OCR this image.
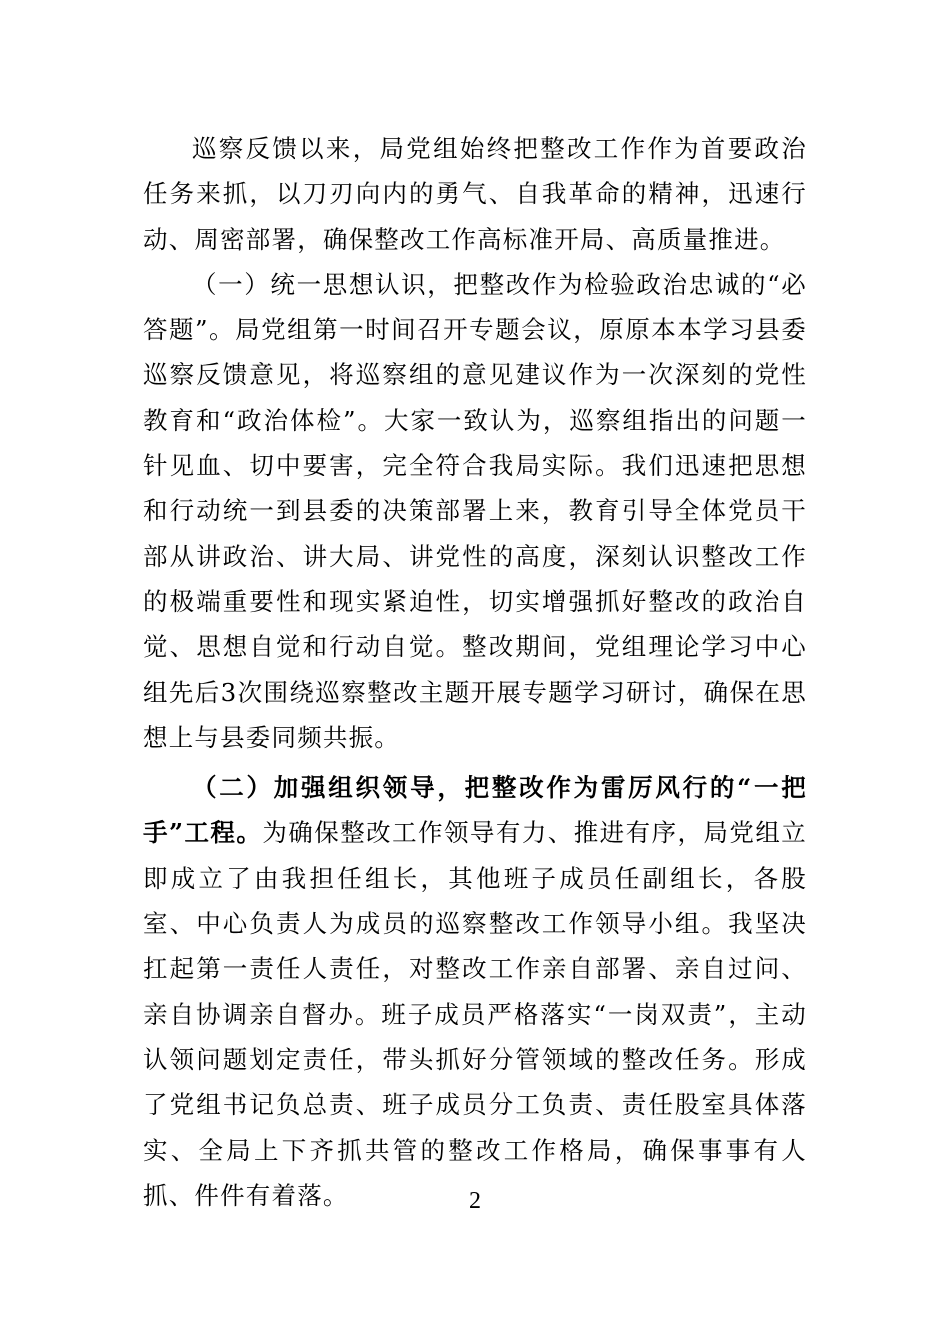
巡察反馈以来，局党组始终把整改工作作为首要政治任务来抓，以刀刃向内的勇气、自我革命的精神，迅速行动、周密部署，确保整改工作高标准开局、高质量推进。

（一）统一思想认识，把整改作为检验政治忠诚的“必答题”。局党组第一时间召开专题会议，原原本本学习县委巡察反馈意见，将巡察组的意见建议作为一次深刻的党性教育和“政治体检”。大家一致认为，巡察组指出的问题一针见血、切中要害，完全符合我局实际。我们迅速把思想和行动统一到县委的决策部署上来，教育引导全体党员干部从讲政治、讲大局、讲党性的高度，深刻认识整改工作的极端重要性和现实紧迫性，切实增强抓好整改的政治自觉、思想自觉和行动自觉。整改期间，党组理论学习中心组先后3次围绕巡察整改主题开展专题学习研讨，确保在思想上与县委同频共振。

（二）加强组织领导，把整改作为雷厉风行的“一把手”工程。为确保整改工作领导有力、推进有序，局党组立即成立了由我担任组长，其他班子成员任副组长，各股室、中心负责人为成员的巡察整改工作领导小组。我坚决扛起第一责任人责任，对整改工作亲自部署、亲自过问、亲自协调亲自督办。班子成员严格落实“一岗双责”，主动认领问题划定责任，带头抓好分管领域的整改任务。形成了党组书记负总责、班子成员分工负责、责任股室具体落实、全局上下齐抓共管的整改工作格局，确保事事有人抓、件件有着落。	2
